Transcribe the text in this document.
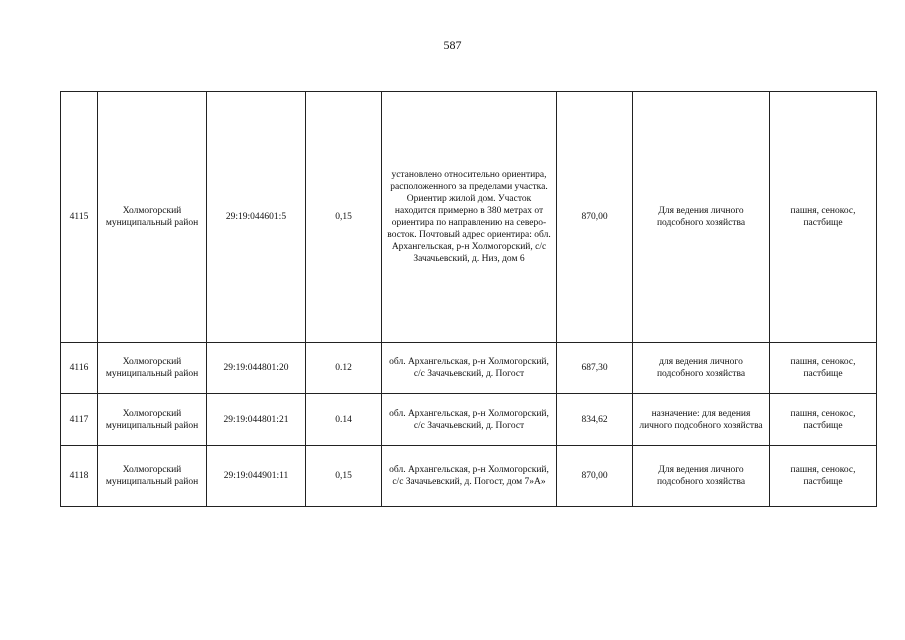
587
4115	Холмогорский муниципальный район	29:19:044601:5	0,15	установлено относительно ориентира, расположенного за пределами участка. Ориентир жилой дом. Участок находится примерно в 380 метрах от ориентира по направлению на северо-восток. Почтовый адрес ориентира: обл. Архангельская, р-н Холмогорский, с/с Зачачьевский, д. Низ, дом 6	870,00	Для ведения личного подсобного хозяйства	пашня, сенокос, пастбище
4116	Холмогорский муниципальный район	29:19:044801:20	0.12	обл. Архангельская, р-н Холмогорский, с/с Зачачьевский, д. Погост	687,30	для ведения личного подсобного хозяйства	пашня, сенокос, пастбище
4117	Холмогорский муниципальный район	29:19:044801:21	0.14	обл. Архангельская, р-н Холмогорский, с/с Зачачьевский, д. Погост	834,62	назначение: для ведения личного подсобного хозяйства	пашня, сенокос, пастбище
4118	Холмогорский муниципальный район	29:19:044901:11	0,15	обл. Архангельская, р-н Холмогорский, с/с Зачачьевский, д. Погост, дом 7»А»	870,00	Для ведения личного подсобного хозяйства	пашня, сенокос, пастбище
